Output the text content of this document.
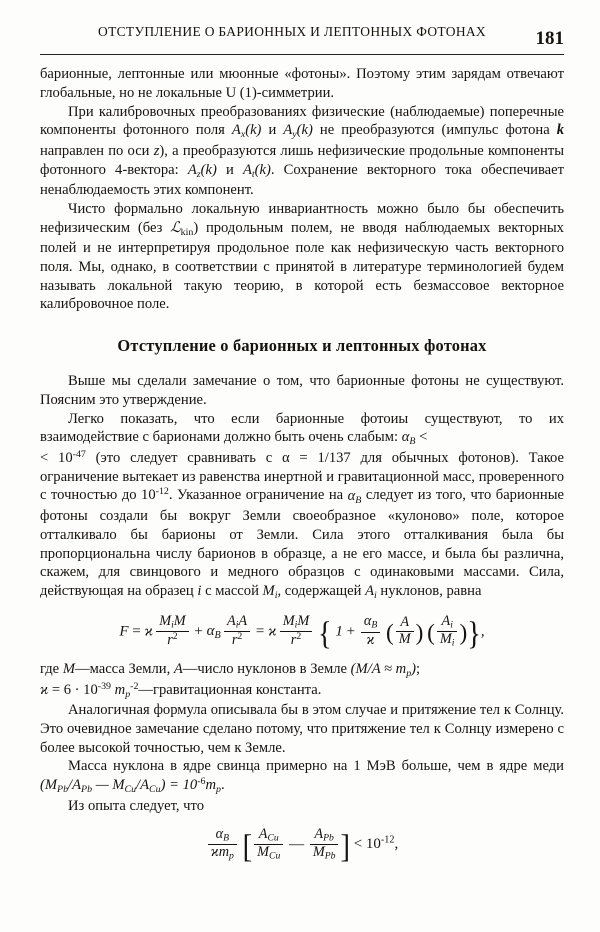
ОТСТУПЛЕНИЕ О БАРИОННЫХ И ЛЕПТОННЫХ ФОТОНАХ	181

барионные, лептонные или мюонные «фотоны». Поэтому этим зарядам отвечают глобальные, но не локальные U (1)-симметрии.

При калибровочных преобразованиях физические (наблюдаемые) поперечные компоненты фотонного поля $A_x(k)$ и $A_y(k)$ не преобразуются (импульс фотона k направлен по оси z), а преобразуются лишь нефизические продольные компоненты фотонного 4-вектора: $A_z(k)$ и $A_t(k)$. Сохранение векторного тока обеспечивает ненаблюдаемость этих компонент.

Чисто формально локальную инвариантность можно было бы обеспечить нефизическим (без ℒkin) продольным полем, не вводя наблюдаемых векторных полей и не интерпретируя продольное поле как нефизическую часть векторного поля. Мы, однако, в соответствии с принятой в литературе терминологией будем называть локальной такую теорию, в которой есть безмассовое векторное калибровочное поле.

Отступление о барионных и лептонных фотонах

Выше мы сделали замечание о том, что барионные фотоны не существуют. Поясним это утверждение.

Легко показать, что если барионные фотоиы существуют, то их взаимодействие с барионами должно быть очень слабым: $\alpha_B$ <
< $10^{-47}$ (это следует сравнивать с α = 1/137 для обычных фотонов). Такое ограничение вытекает из равенства инертной и гравитационной масс, проверенного с точностью до $10^{-12}$. Указанное ограничение на $\alpha_B$ следует из того, что барионные фотоны создали бы вокруг Земли своеобразное «кулоново» поле, которое отталкивало бы барионы от Земли. Сила этого отталкивания была бы пропорциональна числу барионов в образце, а не его массе, и была бы различна, скажем, для свинцового и медного образцов с одинаковыми массами. Сила, действующая на образец i с массой $M_i$, содержащей $A_i$ нуклонов, равна

F = ϰ  $\frac{M_iM}{r^2} + \alpha_B$  $\frac{A_iA}{r^2} = ϰ$  $\frac{M_iM}{r^2}$ { $1 + \frac{\alpha_B}{ϰ}$ ( $\frac{A}{M}$ ) ( $\frac{A_i}{M_i}$ )},

где M—масса Земли, A—число нуклонов в Земле $(M/A \approx m_p)$;
$ϰ = 6 \cdot 10^{-39}$ $m_p^{-2}—гравитационная$ константа.

Аналогичная формула описывала бы в этом случае и притяжение тел к Солнцу. Это очевидное замечание сделано потому, что притяжение тел к Солнцу измерено с более высокой точностью, чем к Земле.

Масса нуклона в ядре свинца примерно на 1 МэВ больше, чем в ядре меди ($M_{Pb}/A_{Pb}$ — $M_{Cu}/A_{Cu}) = 10^{-6}m_p$.

Из опыта следует, что

$\frac{\alpha_B}{ϰm_p}$ [ $\frac{A_{Cu}}{M_{Cu}}$ — $\frac{A_{Pb}}{M_{Pb}}$ ] < $10^{-12}$,
